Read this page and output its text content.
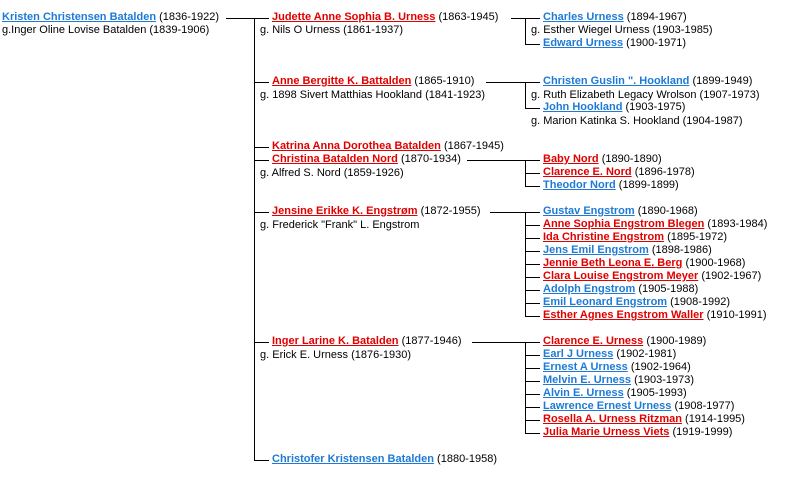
Kristen Christensen Batalden (1836-1922)
g.Inger Oline Lovise Batalden (1839-1906)
Judette Anne Sophia B. Urness (1863-1945)
g. Nils O Urness (1861-1937)
Anne Bergitte K. Battalden (1865-1910)
g. 1898 Sivert Matthias Hookland (1841-1923)
Katrina Anna Dorothea Batalden (1867-1945)
Christina Batalden Nord (1870-1934)
g. Alfred S. Nord (1859-1926)
Jensine Erikke K. Engstrøm (1872-1955)
g. Frederick "Frank" L. Engstrom
Inger Larine K. Batalden (1877-1946)
g. Erick E. Urness (1876-1930)
Christofer Kristensen Batalden (1880-1958)
Charles Urness (1894-1967)
g. Esther Wiegel Urness (1903-1985)
Edward Urness (1900-1971)
Christen Guslin ". Hookland (1899-1949)
g. Ruth Elizabeth Legacy Wrolson (1907-1973)
John Hookland (1903-1975)
g. Marion Katinka S. Hookland (1904-1987)
Baby Nord (1890-1890)
Clarence E. Nord (1896-1978)
Theodor Nord (1899-1899)
Gustav Engstrom (1890-1968)
Anne Sophia Engstrom Blegen (1893-1984)
Ida Christine Engstrom (1895-1972)
Jens Emil Engstrom (1898-1986)
Jennie Beth Leona E. Berg (1900-1968)
Clara Louise Engstrom Meyer (1902-1967)
Adolph Engstrom (1905-1988)
Emil Leonard Engstrom (1908-1992)
Esther Agnes Engstrom Waller (1910-1991)
Clarence E. Urness (1900-1989)
Earl J Urness (1902-1981)
Ernest A Urness (1902-1964)
Melvin E. Urness (1903-1973)
Alvin E. Urness (1905-1993)
Lawrence Ernest Urness (1908-1977)
Rosella A. Urness Ritzman (1914-1995)
Julia Marie Urness Viets (1919-1999)
